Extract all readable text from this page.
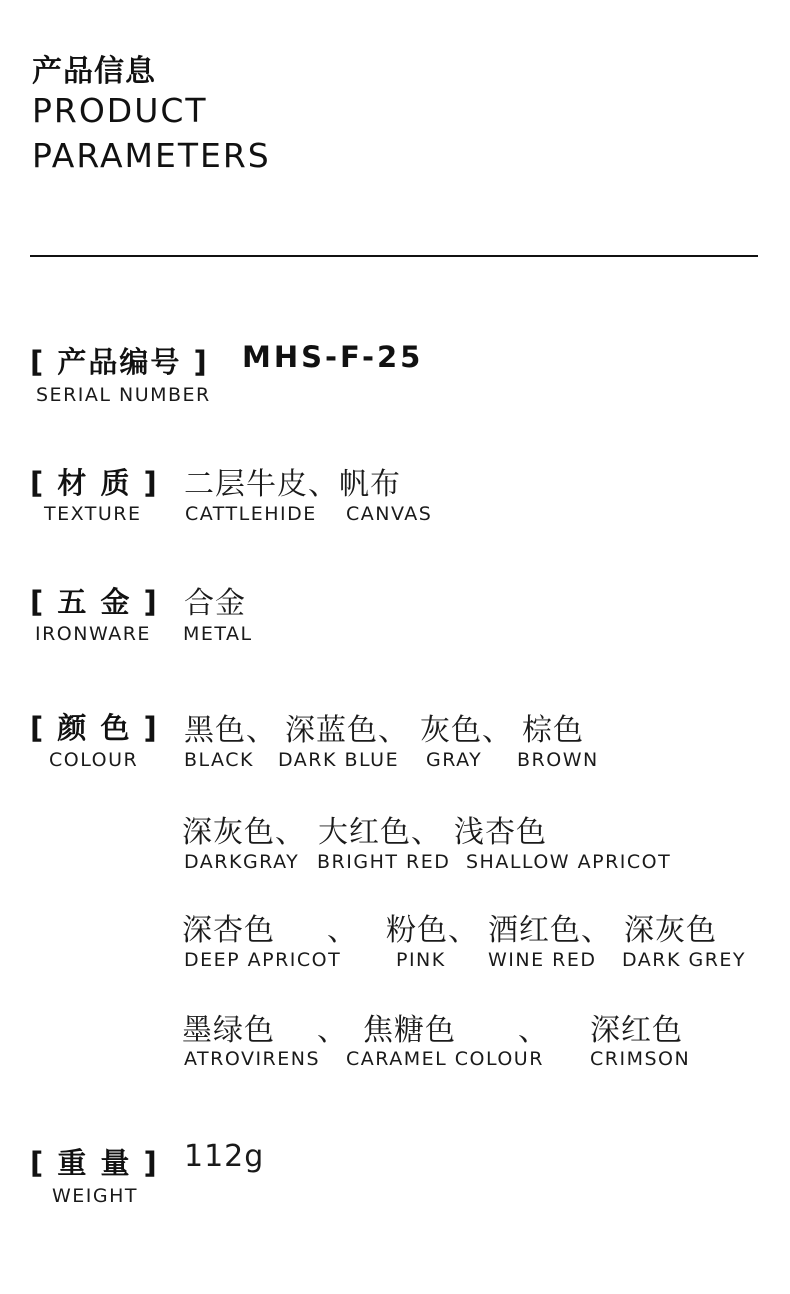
产品信息
PRODUCT
PARAMETERS
[ 产品编号 ] MHS-F-25
SERIAL NUMBER
[ 材 质 ] 二层牛皮、帆布
TEXTURE CATTLEHIDE CANVAS
[ 五 金 ] 合金
IRONWARE METAL
[ 颜 色 ]
COLOUR
黑色、 深蓝色、 灰色、 棕色
BLACK DARK BLUE GRAY BROWN
深灰色、 大红色、 浅杏色
DARKGRAY BRIGHT RED SHALLOW APRICOT
深杏色 、 粉色、 酒红色、 深灰色
DEEP APRICOT	PINK WINE RED DARK GREY
墨绿色 、 焦糖色 、 深红色
ATROVIRENS CARAMEL COLOUR CRIMSON
[ 重 量 ] 112g
WEIGHT
